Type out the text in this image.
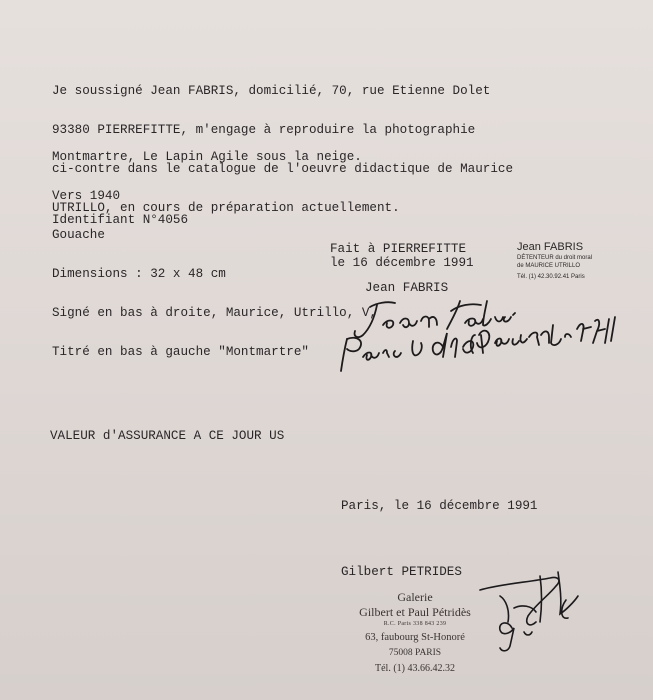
Je soussigné Jean FABRIS, domicilié, 70, rue Etienne Dolet

93380 PIERREFITTE, m'engage à reproduire la photographie

ci-contre dans le catalogue de l'oeuvre didactique de Maurice

UTRILLO, en cours de préparation actuellement.

Montmartre, Le Lapin Agile sous la neige.

Vers 1940

Gouache

Dimensions : 32 x 48 cm

Signé en bas à droite, Maurice, Utrillo, V,

Titré en bas à gauche "Montmartre"

Identifiant N°4056
Fait à PIERREFITTE
le 16 décembre 1991
Jean FABRIS
DÉTENTEUR du droit moral
de MAURICE UTRILLO
Tél. (1) 42.30.92.41 Paris
Jean FABRIS
VALEUR d'ASSURANCE A CE JOUR US
Paris, le 16 décembre 1991
Gilbert PETRIDES
Galerie
Gilbert et Paul Pétridès
R.C. Paris 338 843 239
63, faubourg St-Honoré
75008 PARIS
Tél. (1) 43.66.42.32
